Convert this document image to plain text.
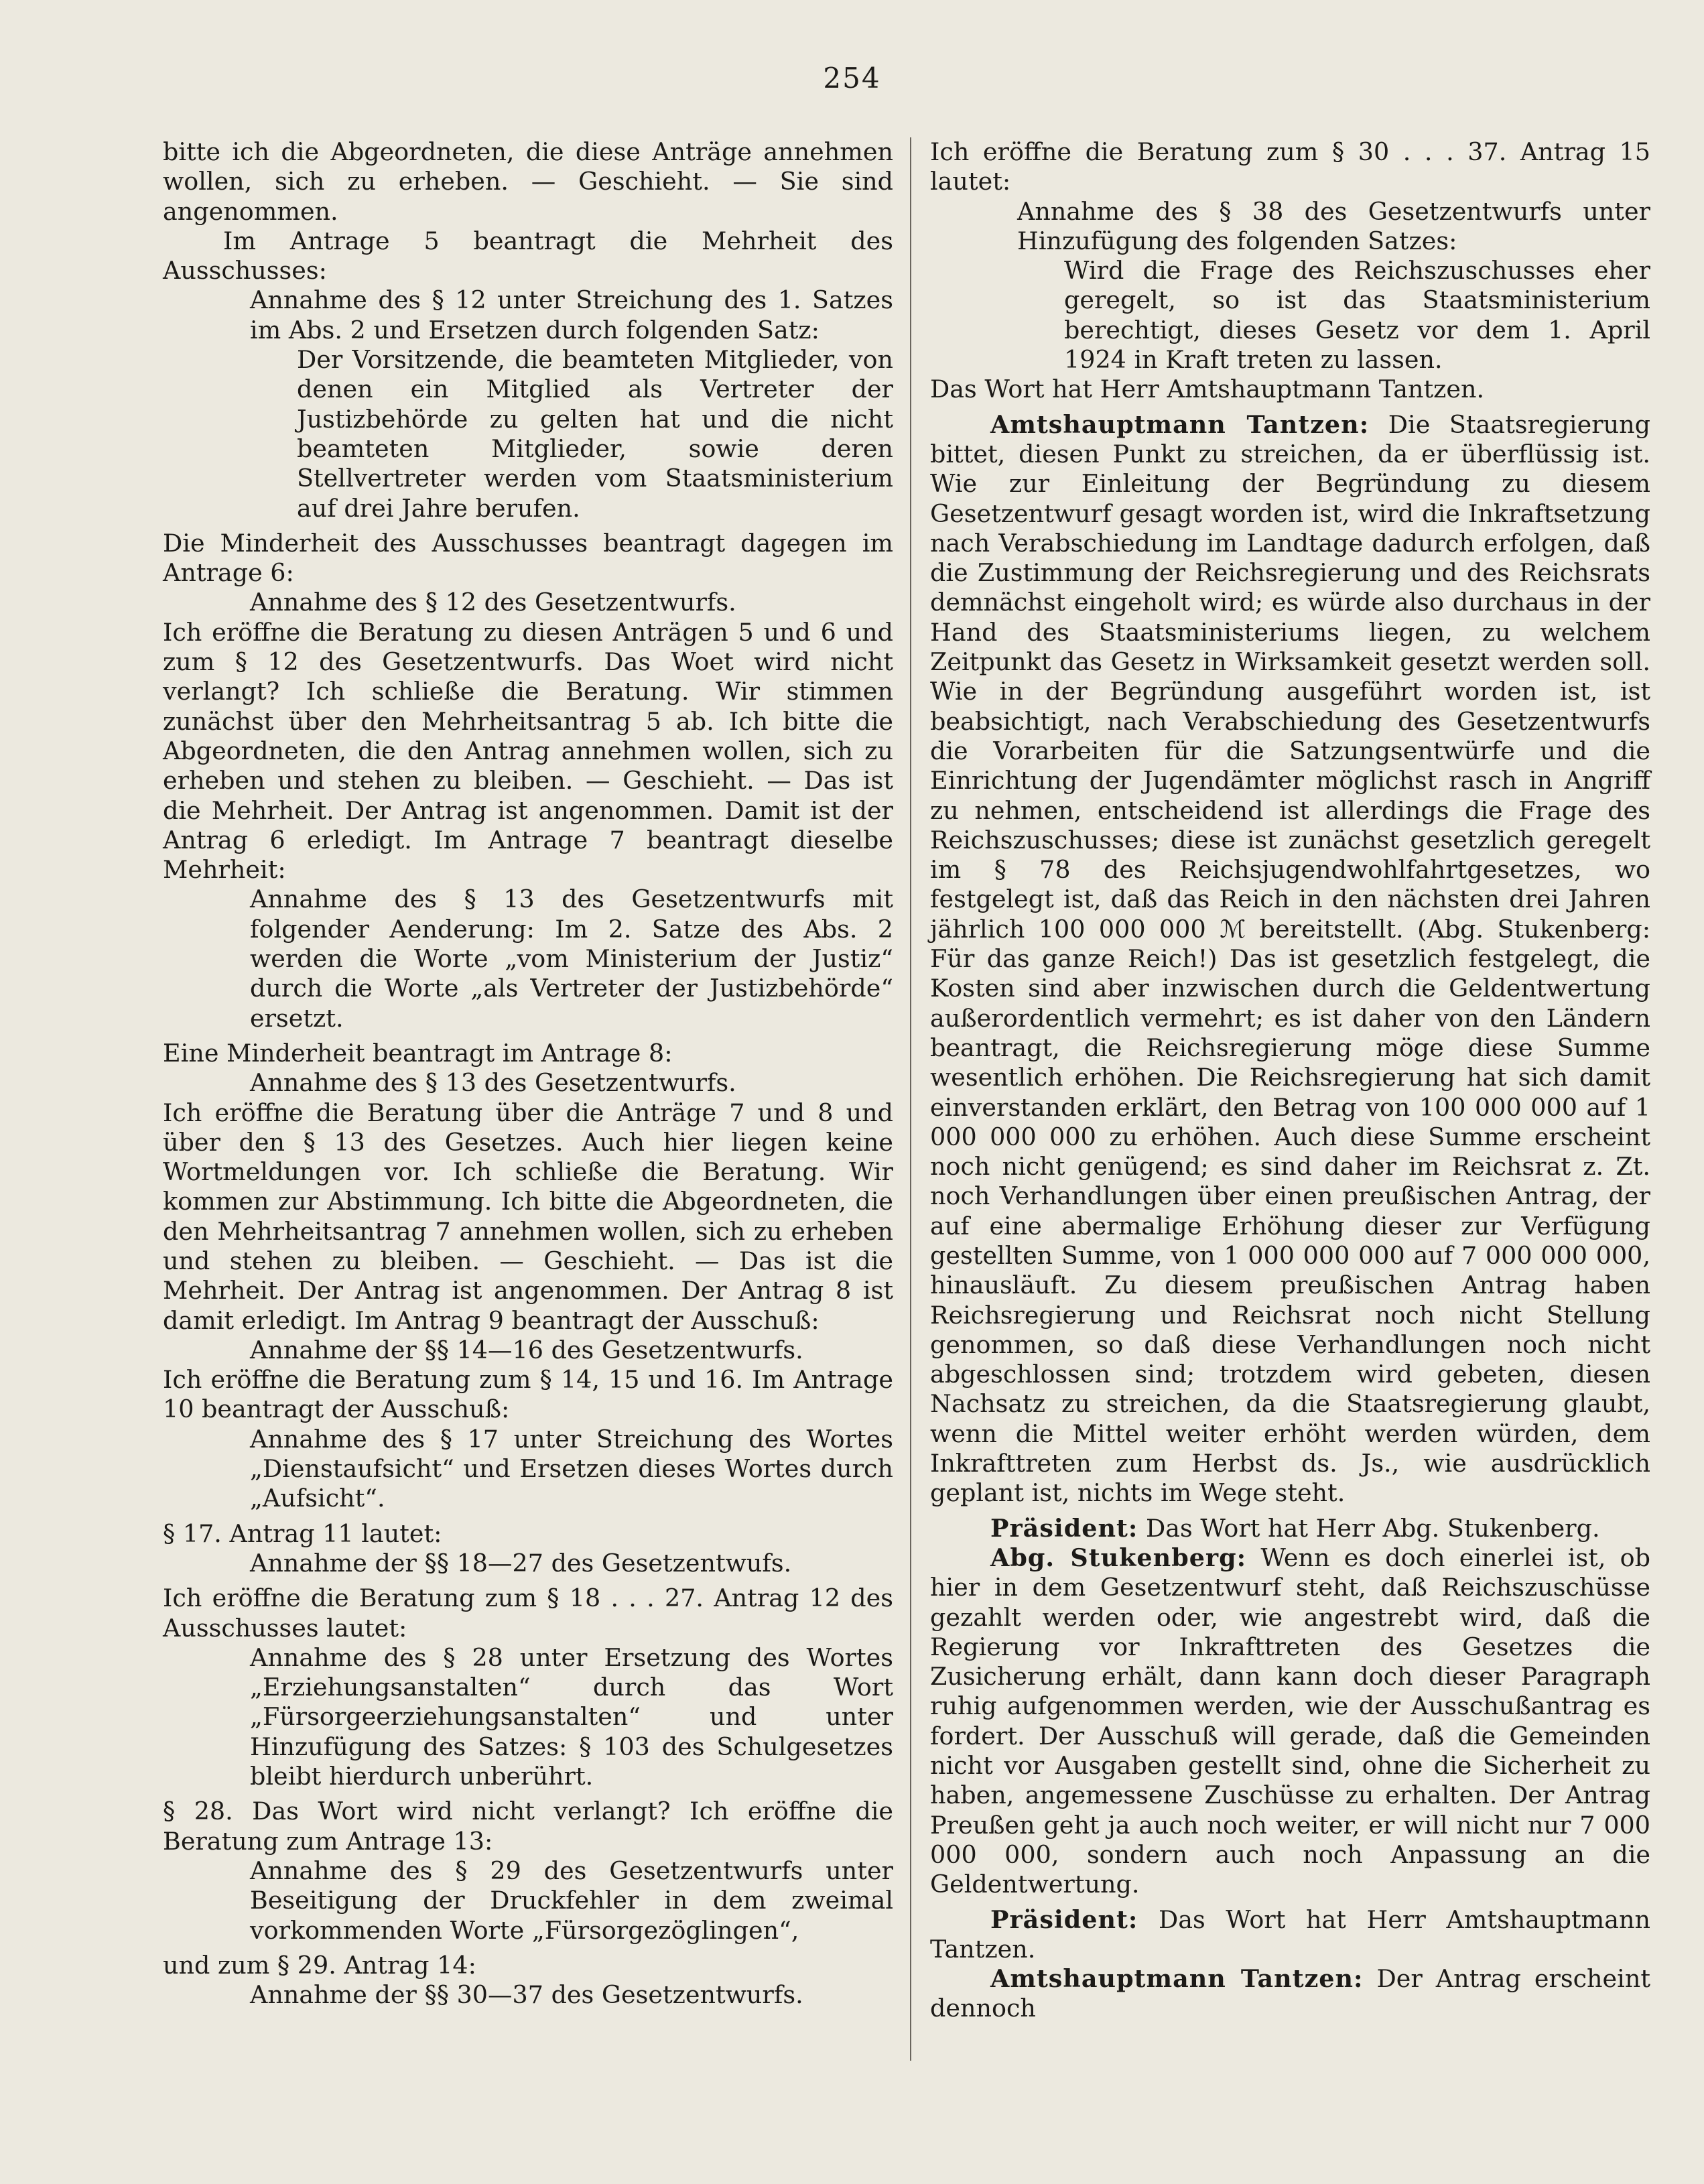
254

bitte ich die Abgeordneten, die diese Anträge annehmen wollen, sich zu erheben. — Geschieht. — Sie sind angenommen.

Im Antrage 5 beantragt die Mehrheit des Ausschusses:

Annahme des § 12 unter Streichung des 1. Satzes im Abs. 2 und Ersetzen durch folgenden Satz:

Der Vorsitzende, die beamteten Mitglieder, von denen ein Mitglied als Vertreter der Justizbehörde zu gelten hat und die nicht beamteten Mitglieder, sowie deren Stellvertreter werden vom Staatsministerium auf drei Jahre berufen.

Die Minderheit des Ausschusses beantragt dagegen im Antrage 6:

Annahme des § 12 des Gesetzentwurfs.

Ich eröffne die Beratung zu diesen Anträgen 5 und 6 und zum § 12 des Gesetzentwurfs. Das Woet wird nicht verlangt? Ich schließe die Beratung. Wir stimmen zunächst über den Mehrheitsantrag 5 ab. Ich bitte die Abgeordneten, die den Antrag annehmen wollen, sich zu erheben und stehen zu bleiben. — Geschieht. — Das ist die Mehrheit. Der Antrag ist angenommen. Damit ist der Antrag 6 erledigt. Im Antrage 7 beantragt dieselbe Mehrheit:

Annahme des § 13 des Gesetzentwurfs mit folgender Aenderung: Im 2. Satze des Abs. 2 werden die Worte „vom Ministerium der Justiz“ durch die Worte „als Vertreter der Justizbehörde“ ersetzt.

Eine Minderheit beantragt im Antrage 8:

Annahme des § 13 des Gesetzentwurfs.

Ich eröffne die Beratung über die Anträge 7 und 8 und über den § 13 des Gesetzes. Auch hier liegen keine Wortmeldungen vor. Ich schließe die Beratung. Wir kommen zur Abstimmung. Ich bitte die Abgeordneten, die den Mehrheitsantrag 7 annehmen wollen, sich zu erheben und stehen zu bleiben. — Geschieht. — Das ist die Mehrheit. Der Antrag ist angenommen. Der Antrag 8 ist damit erledigt. Im Antrag 9 beantragt der Ausschuß:

Annahme der §§ 14—16 des Gesetzentwurfs.

Ich eröffne die Beratung zum § 14, 15 und 16. Im Antrage 10 beantragt der Ausschuß:

Annahme des § 17 unter Streichung des Wortes „Dienstaufsicht“ und Ersetzen dieses Wortes durch „Aufsicht“.

§ 17. Antrag 11 lautet:

Annahme der §§ 18—27 des Gesetzentwufs.

Ich eröffne die Beratung zum § 18 . . . 27. Antrag 12 des Ausschusses lautet:

Annahme des § 28 unter Ersetzung des Wortes „Erziehungsanstalten“ durch das Wort „Fürsorgeerziehungsanstalten“ und unter Hinzufügung des Satzes: § 103 des Schulgesetzes bleibt hierdurch unberührt.

§ 28. Das Wort wird nicht verlangt? Ich eröffne die Beratung zum Antrage 13:

Annahme des § 29 des Gesetzentwurfs unter Beseitigung der Druckfehler in dem zweimal vorkommenden Worte „Fürsorgezöglingen“,

und zum § 29. Antrag 14:

Annahme der §§ 30—37 des Gesetzentwurfs.

Ich eröffne die Beratung zum § 30 . . . 37. Antrag 15 lautet:

Annahme des § 38 des Gesetzentwurfs unter Hinzufügung des folgenden Satzes:

Wird die Frage des Reichszuschusses eher geregelt, so ist das Staatsministerium berechtigt, dieses Gesetz vor dem 1. April 1924 in Kraft treten zu lassen.

Das Wort hat Herr Amtshauptmann Tantzen.

Amtshauptmann Tantzen: Die Staatsregierung bittet, diesen Punkt zu streichen, da er überflüssig ist. Wie zur Einleitung der Begründung zu diesem Gesetzentwurf gesagt worden ist, wird die Inkraftsetzung nach Verabschiedung im Landtage dadurch erfolgen, daß die Zustimmung der Reichsregierung und des Reichsrats demnächst eingeholt wird; es würde also durchaus in der Hand des Staatsministeriums liegen, zu welchem Zeitpunkt das Gesetz in Wirksamkeit gesetzt werden soll. Wie in der Begründung ausgeführt worden ist, ist beabsichtigt, nach Verabschiedung des Gesetzentwurfs die Vorarbeiten für die Satzungsentwürfe und die Einrichtung der Jugendämter möglichst rasch in Angriff zu nehmen, entscheidend ist allerdings die Frage des Reichszuschusses; diese ist zunächst gesetzlich geregelt im § 78 des Reichsjugendwohlfahrtgesetzes, wo festgelegt ist, daß das Reich in den nächsten drei Jahren jährlich 100 000 000 ℳ bereitstellt. (Abg. Stukenberg: Für das ganze Reich!) Das ist gesetzlich festgelegt, die Kosten sind aber inzwischen durch die Geldentwertung außerordentlich vermehrt; es ist daher von den Ländern beantragt, die Reichsregierung möge diese Summe wesentlich erhöhen. Die Reichsregierung hat sich damit einverstanden erklärt, den Betrag von 100 000 000 auf 1 000 000 000 zu erhöhen. Auch diese Summe erscheint noch nicht genügend; es sind daher im Reichsrat z. Zt. noch Verhandlungen über einen preußischen Antrag, der auf eine abermalige Erhöhung dieser zur Verfügung gestellten Summe, von 1 000 000 000 auf 7 000 000 000, hinausläuft. Zu diesem preußischen Antrag haben Reichsregierung und Reichsrat noch nicht Stellung genommen, so daß diese Verhandlungen noch nicht abgeschlossen sind; trotzdem wird gebeten, diesen Nachsatz zu streichen, da die Staatsregierung glaubt, wenn die Mittel weiter erhöht werden würden, dem Inkrafttreten zum Herbst ds. Js., wie ausdrücklich geplant ist, nichts im Wege steht.

Präsident: Das Wort hat Herr Abg. Stukenberg.

Abg. Stukenberg: Wenn es doch einerlei ist, ob hier in dem Gesetzentwurf steht, daß Reichszuschüsse gezahlt werden oder, wie angestrebt wird, daß die Regierung vor Inkrafttreten des Gesetzes die Zusicherung erhält, dann kann doch dieser Paragraph ruhig aufgenommen werden, wie der Ausschußantrag es fordert. Der Ausschuß will gerade, daß die Gemeinden nicht vor Ausgaben gestellt sind, ohne die Sicherheit zu haben, angemessene Zuschüsse zu erhalten. Der Antrag Preußen geht ja auch noch weiter, er will nicht nur 7 000 000 000, sondern auch noch Anpassung an die Geldentwertung.

Präsident: Das Wort hat Herr Amtshauptmann Tantzen.

Amtshauptmann Tantzen: Der Antrag erscheint dennoch
